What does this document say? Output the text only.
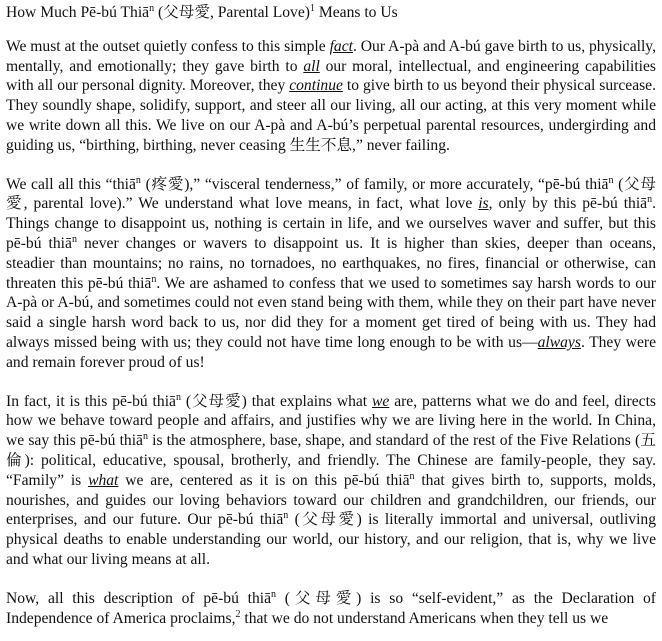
How Much Pē-bú Thiā$^n$ (父母愛, Parental Love)$^1$ Means to Us

We must at the outset quietly confess to this simple fact. Our A-pà and A-bú gave birth to us, physically, mentally, and emotionally; they gave birth to all our moral, intellectual, and engineering capabilities with all our personal dignity. Moreover, they continue to give birth to us beyond their physical surcease. They soundly shape, solidify, support, and steer all our living, all our acting, at this very moment while we write down all this. We live on our A-pà and A-bú’s perpetual parental resources, undergirding and guiding us, “birthing, birthing, never ceasing 生生不息,” never failing.

We call all this “thiā$^n$ (疼愛),” “visceral tenderness,” of family, or more accurately, “pē-bú thiā$^n$ (父母愛, parental love).” We understand what love means, in fact, what love is, only by this pē-bú thiā$^n$. Things change to disappoint us, nothing is certain in life, and we ourselves waver and suffer, but this pē-bú thiā$^n$ never changes or wavers to disappoint us. It is higher than skies, deeper than oceans, steadier than mountains; no rains, no tornadoes, no earthquakes, no fires, financial or otherwise, can threaten this pē-bú thiā$^n$. We are ashamed to confess that we used to sometimes say harsh words to our A-pà or A-bú, and sometimes could not even stand being with them, while they on their part have never said a single harsh word back to us, nor did they for a moment get tired of being with us. They had always missed being with us; they could not have time long enough to be with us—always. They were and remain forever proud of us!

In fact, it is this pē-bú thiā$^n$ (父母愛) that explains what we are, patterns what we do and feel, directs how we behave toward people and affairs, and justifies why we are living here in the world. In China, we say this pē-bú thiā$^n$ is the atmosphere, base, shape, and standard of the rest of the Five Relations (五倫): political, educative, spousal, brotherly, and friendly. The Chinese are family-people, they say. “Family” is what we are, centered as it is on this pē-bú thiā$^n$ that gives birth to, supports, molds, nourishes, and guides our loving behaviors toward our children and grandchildren, our friends, our enterprises, and our future. Our pē-bú thiā$^n$ (父母愛) is literally immortal and universal, outliving physical deaths to enable understanding our world, our history, and our religion, that is, why we live and what our living means at all.

Now, all this description of pē-bú thiā$^n$ (父母愛) is so “self-evident,” as the Declaration of Independence of America proclaims,$^2$ that we do not understand Americans when they tell us we
